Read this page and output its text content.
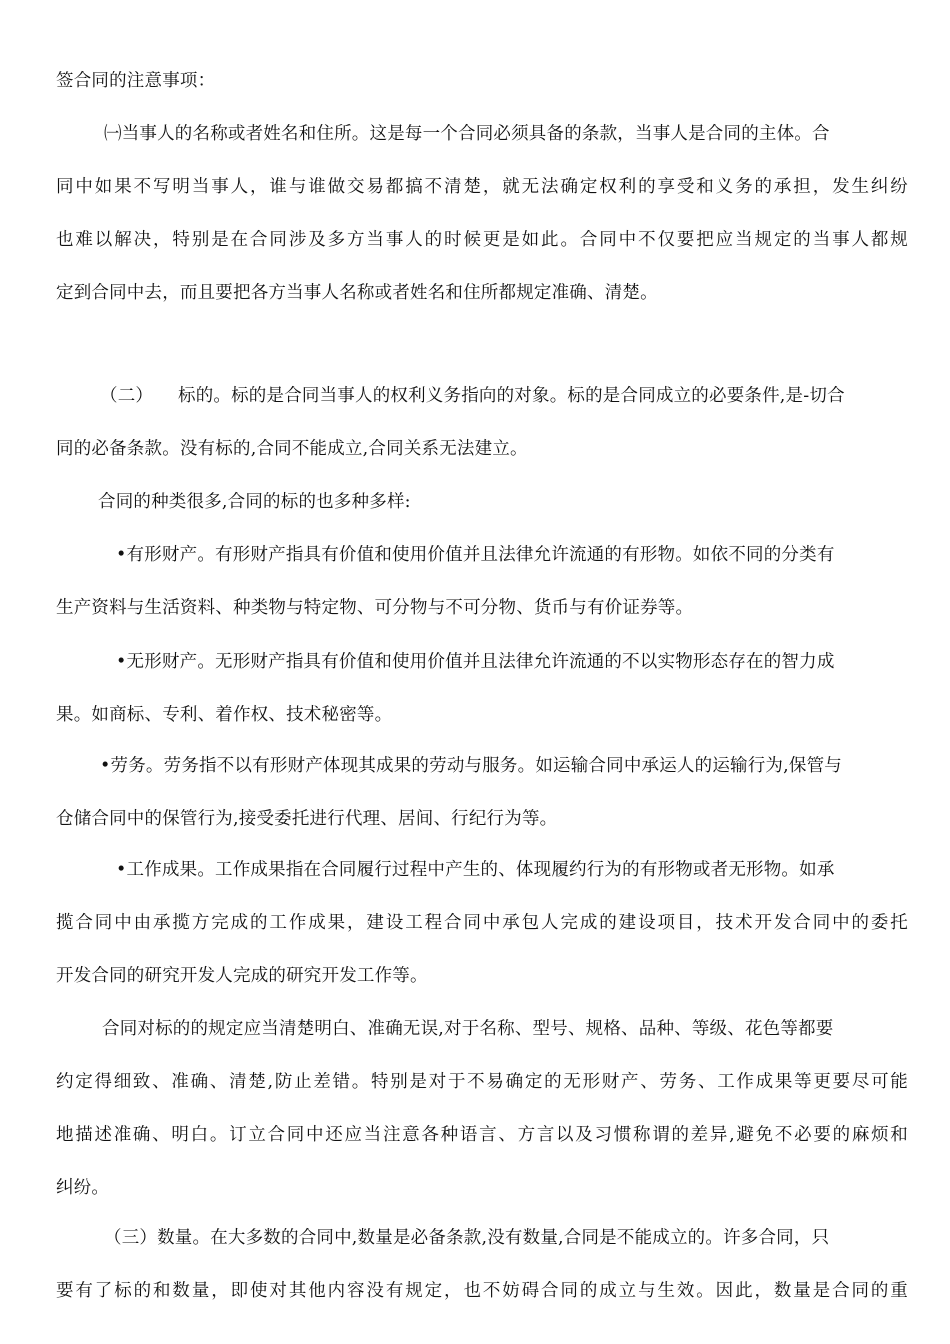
签合同的注意事项：
㈠当事人的名称或者姓名和住所。这是每一个合同必须具备的条款，当事人是合同的主体。合
同中如果不写明当事人，谁与谁做交易都搞不清楚，就无法确定权利的享受和义务的承担，发生纠纷
也难以解决，特别是在合同涉及多方当事人的时候更是如此。合同中不仅要把应当规定的当事人都规
定到合同中去，而且要把各方当事人名称或者姓名和住所都规定准确、清楚。
（二） 标的。标的是合同当事人的权利义务指向的对象。标的是合同成立的必要条件,是-切合
同的必备条款。没有标的,合同不能成立,合同关系无法建立。
合同的种类很多,合同的标的也多种多样:
•有形财产。有形财产指具有价值和使用价值并且法律允许流通的有形物。如依不同的分类有
生产资料与生活资料、种类物与特定物、可分物与不可分物、货币与有价证券等。
•无形财产。无形财产指具有价值和使用价值并且法律允许流通的不以实物形态存在的智力成
果。如商标、专利、着作权、技术秘密等。
•劳务。劳务指不以有形财产体现其成果的劳动与服务。如运输合同中承运人的运输行为,保管与
仓储合同中的保管行为,接受委托进行代理、居间、行纪行为等。
•工作成果。工作成果指在合同履行过程中产生的、体现履约行为的有形物或者无形物。如承
揽合同中由承揽方完成的工作成果，建设工程合同中承包人完成的建设项目，技术开发合同中的委托
开发合同的研究开发人完成的研究开发工作等。
合同对标的的规定应当清楚明白、准确无误,对于名称、型号、规格、品种、等级、花色等都要
约定得细致、准确、清楚,防止差错。特别是对于不易确定的无形财产、劳务、工作成果等更要尽可能
地描述准确、明白。订立合同中还应当注意各种语言、方言以及习惯称谓的差异,避免不必要的麻烦和
纠纷。
（三）数量。在大多数的合同中,数量是必备条款,没有数量,合同是不能成立的。许多合同，只
要有了标的和数量，即使对其他内容没有规定，也不妨碍合同的成立与生效。因此，数量是合同的重
